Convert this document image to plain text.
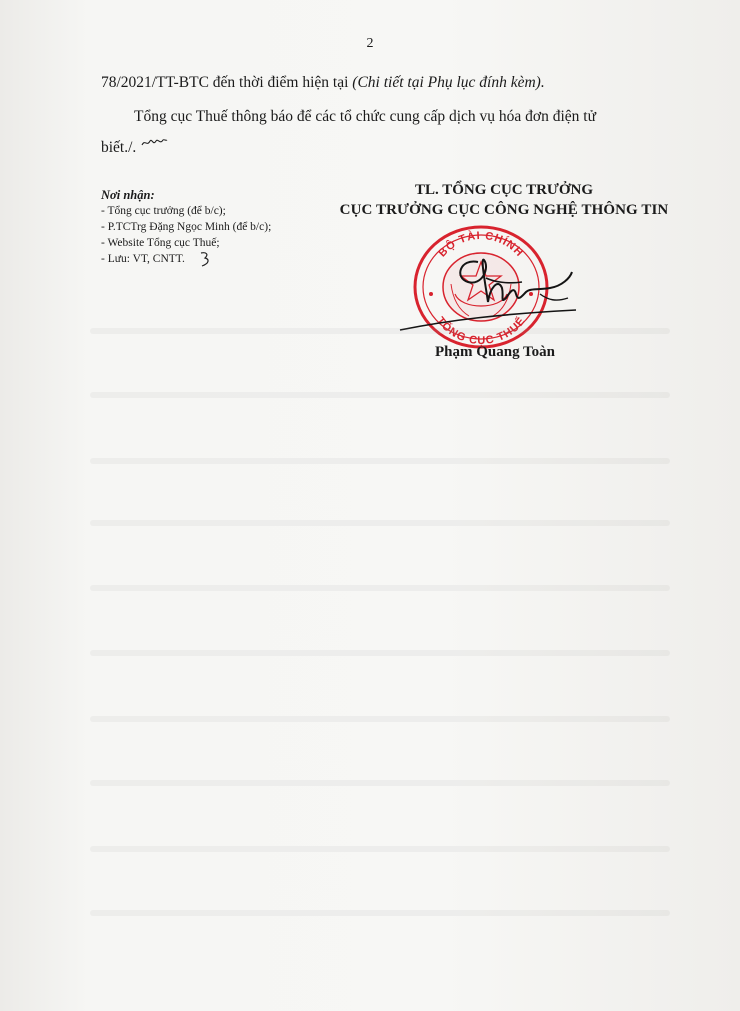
2
78/2021/TT-BTC đến thời điểm hiện tại (Chi tiết tại Phụ lục đính kèm).
Tổng cục Thuế thông báo để các tổ chức cung cấp dịch vụ hóa đơn điện tử
biết./.
Nơi nhận:
- Tổng cục trưởng (để b/c);
- P.TCTrg Đặng Ngọc Minh (để b/c);
- Website Tổng cục Thuế;
- Lưu: VT, CNTT.
TL. TỔNG CỤC TRƯỞNG
CỤC TRƯỞNG CỤC CÔNG NGHỆ THÔNG TIN
BỘ TÀI CHÍNH
TỔNG CỤC THUẾ
Phạm Quang Toàn
